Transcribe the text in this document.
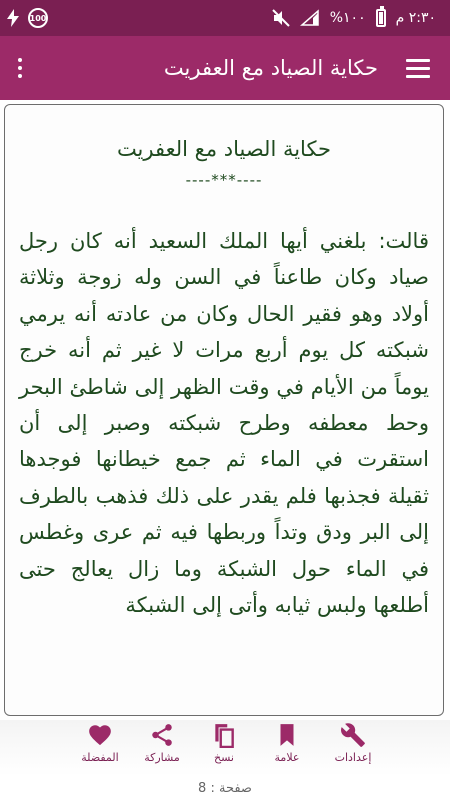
100	%١٠٠ ٢:٣٠ م
حكاية الصياد مع العفريت
حكاية الصياد مع العفريت
----***----
قالت: بلغني أيها الملك السعيد أنه كان رجل صياد وكان طاعناً في السن وله زوجة وثلاثة أولاد وهو فقير الحال وكان من عادته أنه يرمي شبكته كل يوم أربع مرات لا غير ثم أنه خرج يوماً من الأيام في وقت الظهر إلى شاطئ البحر وحط معطفه وطرح شبكته وصبر إلى أن استقرت في الماء ثم جمع خيطانها فوجدها ثقيلة فجذبها فلم يقدر على ذلك فذهب بالطرف إلى البر ودق وتداً وربطها فيه ثم عرى وغطس في الماء حول الشبكة وما زال يعالج حتى أطلعها ولبس ثيابه وأتى إلى الشبكة
إعدادات
علامة
نسخ
مشاركة
المفضلة
صفحة : 8
